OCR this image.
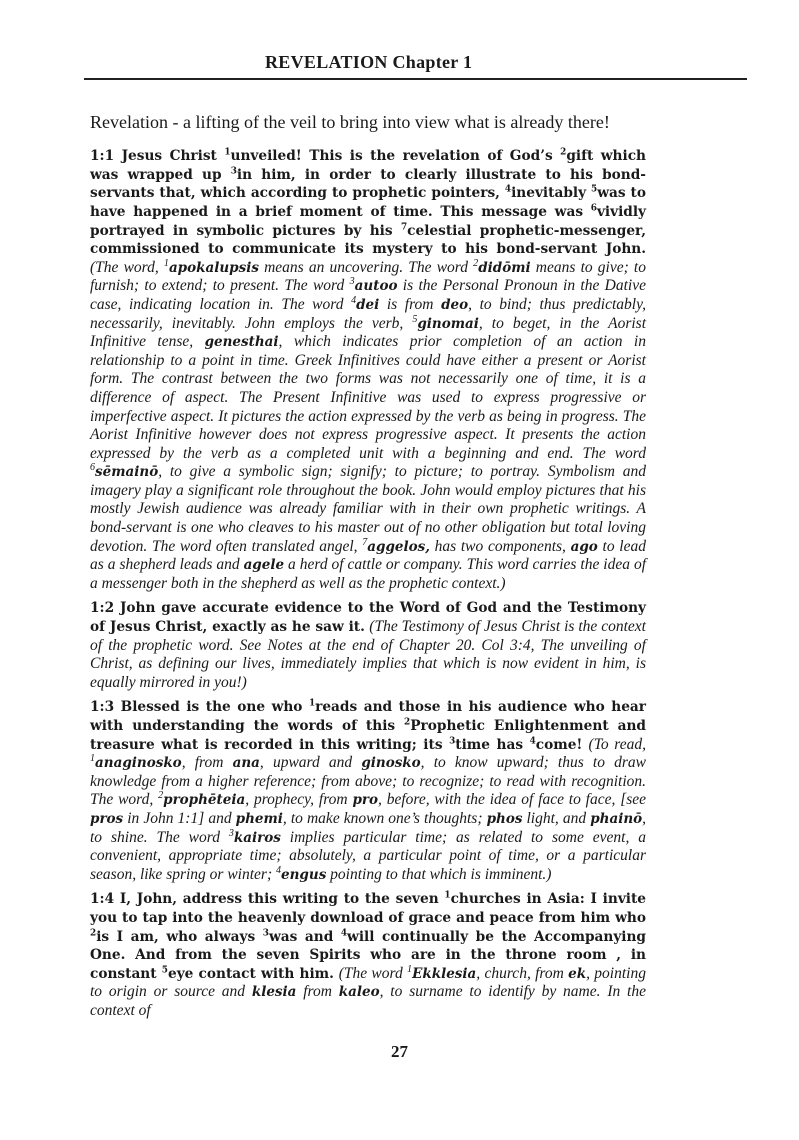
REVELATION Chapter 1

Revelation - a lifting of the veil to bring into view what is already there!

1:1 Jesus Christ $^1$unveiled! This is the revelation of God’s $^2$gift which was wrapped up $^3$in him, in order to clearly illustrate to his bond-servants that, which according to prophetic pointers, $^4$inevitably $^5$was to have happened in a brief moment of time. This message was $^6$vividly portrayed in symbolic pictures by his $^7$celestial prophetic-messenger, commissioned to communicate its mystery to his bond-servant John. (The word, $^1$apokalupsis means an uncovering. The word $^2$didōmi means to give; to furnish; to extend; to present. The word $^3$autoo is the Personal Pronoun in the Dative case, indicating location in. The word $^4$dei is from deo, to bind; thus predictably, necessarily, inevitably. John employs the verb, $^5$ginomai, to beget, in the Aorist Infinitive tense, genesthai, which indicates prior completion of an action in relationship to a point in time. Greek Infinitives could have either a present or Aorist form. The contrast between the two forms was not necessarily one of time, it is a difference of aspect. The Present Infinitive was used to express progressive or imperfective aspect. It pictures the action expressed by the verb as being in progress. The Aorist Infinitive however does not express progressive aspect. It presents the action expressed by the verb as a completed unit with a beginning and end. The word $^6$sēmainō, to give a symbolic sign; signify; to picture; to portray. Symbolism and imagery play a significant role throughout the book. John would employ pictures that his mostly Jewish audience was already familiar with in their own prophetic writings. A bond-servant is one who cleaves to his master out of no other obligation but total loving devotion. The word often translated angel, $^7$aggelos, has two components, ago to lead as a shepherd leads and agele a herd of cattle or company. This word carries the idea of a messenger both in the shepherd as well as the prophetic context.)

1:2 John gave accurate evidence to the Word of God and the Testimony of Jesus Christ, exactly as he saw it. (The Testimony of Jesus Christ is the context of the prophetic word. See Notes at the end of Chapter 20. Col 3:4, The unveiling of Christ, as defining our lives, immediately implies that which is now evident in him, is equally mirrored in you!)

1:3 Blessed is the one who $^1$reads and those in his audience who hear with understanding the words of this $^2$Prophetic Enlightenment and treasure what is recorded in this writing; its $^3$time has $^4$come! (To read, $^1$anaginosko, from ana, upward and ginosko, to know upward; thus to draw knowledge from a higher reference; from above; to recognize; to read with recognition. The word, $^2$prophēteia, prophecy, from pro, before, with the idea of face to face, [see pros in John 1:1] and phemi, to make known one’s thoughts; phos light, and phainō, to shine. The word $^3$kairos implies particular time; as related to some event, a convenient, appropriate time; absolutely, a particular point of time, or a particular season, like spring or winter; $^4$engus pointing to that which is imminent.)

1:4 I, John, address this writing to the seven $^1$churches in Asia: I invite you to tap into the heavenly download of grace and peace from him who $^2$is I am, who always $^3$was and $^4$will continually be the Accompanying One. And from the seven Spirits who are in the throne room , in constant $^5$eye contact with him. (The word $^1$Ekklesia, church, from ek, pointing to origin or source and klesia from kaleo, to surname to identify by name. In the context of

27
